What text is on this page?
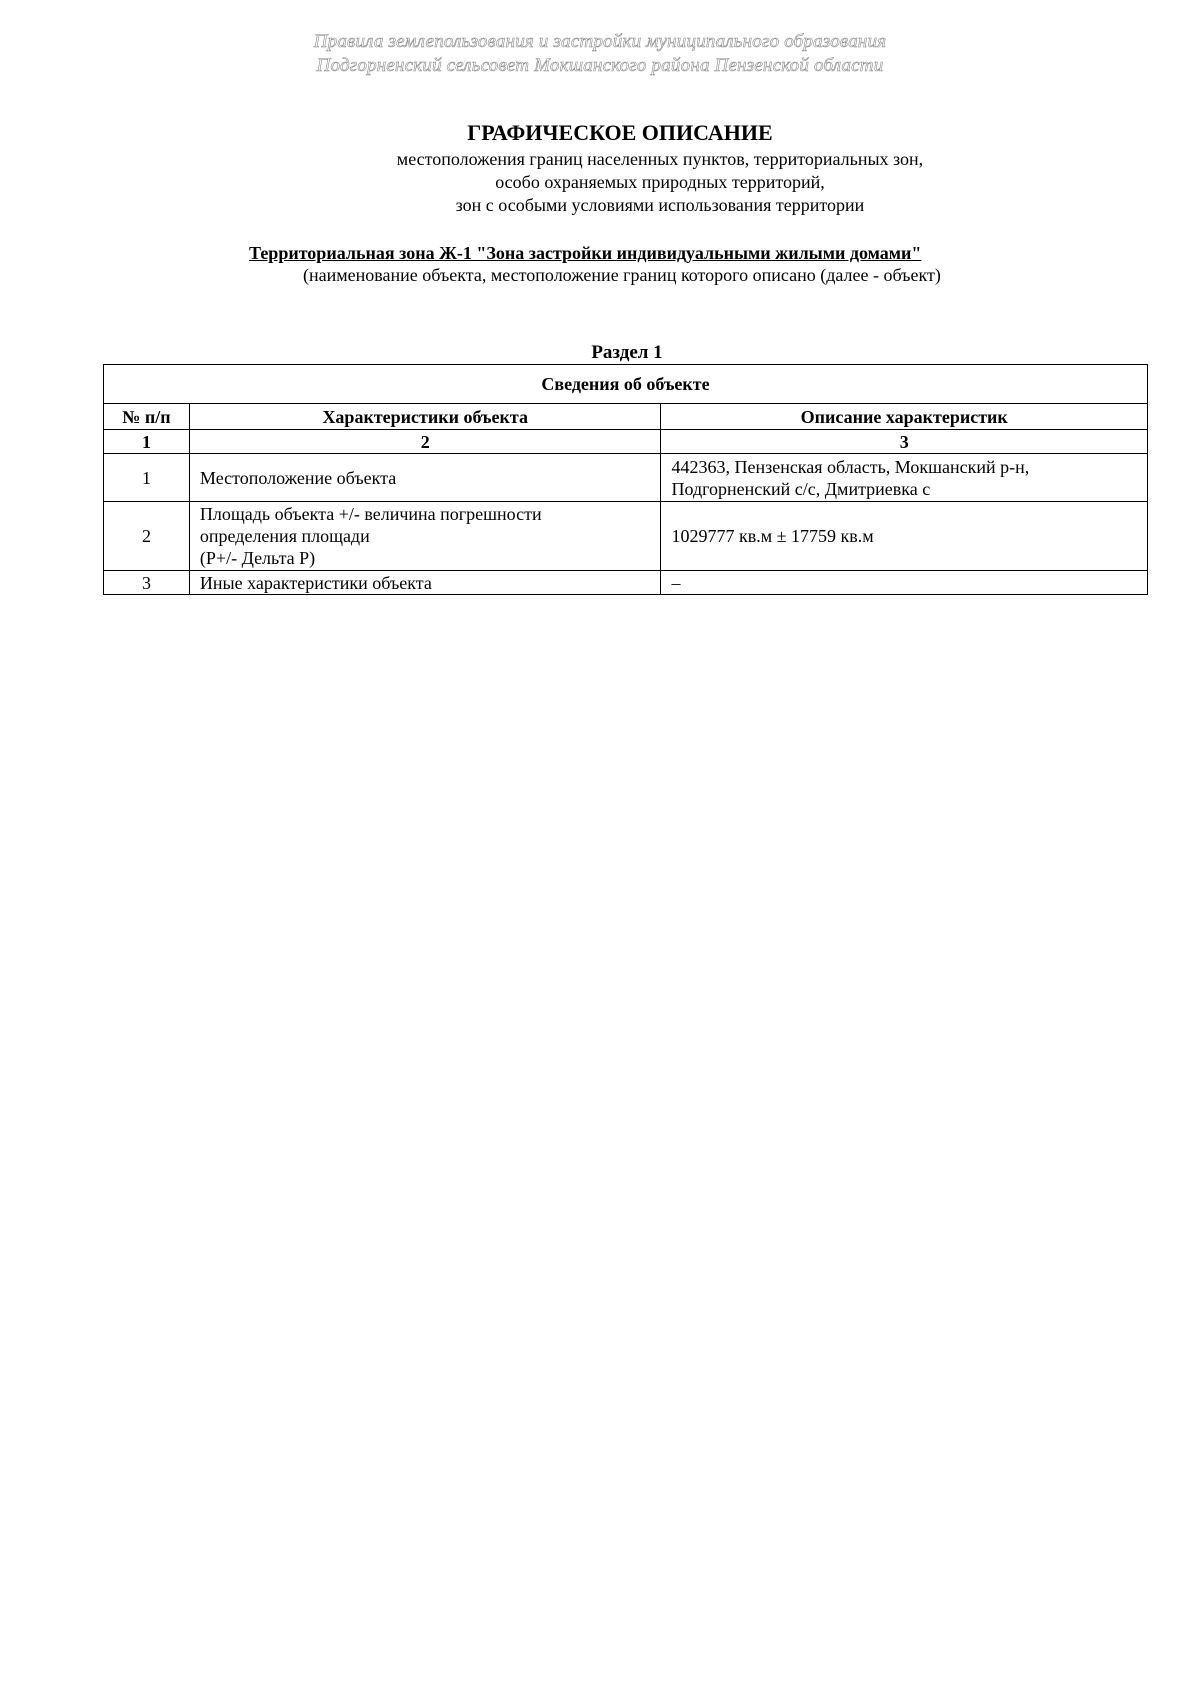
Правила землепользования и застройки муниципального образования
Подгорненский сельсовет Мокшанского района Пензенской области
ГРАФИЧЕСКОЕ ОПИСАНИЕ
местоположения границ населенных пунктов, территориальных зон,
особо охраняемых природных территорий,
зон с особыми условиями использования территории
Территориальная зона Ж-1 "Зона застройки индивидуальными жилыми домами"
(наименование объекта, местоположение границ которого описано (далее - объект)
Раздел 1
Сведения об объекте		
№ п/п	Характеристики объекта	Описание характеристик
1	2	3
1	Местоположение объекта	442363, Пензенская область, Мокшанский р-н,
Подгорненский с/с, Дмитриевка с

2	Площадь объекта +/- величина погрешности
определения площади
(P+/- Дельта P)	1029777 кв.м ± 17759 кв.м

3	Иные характеристики объекта	–
